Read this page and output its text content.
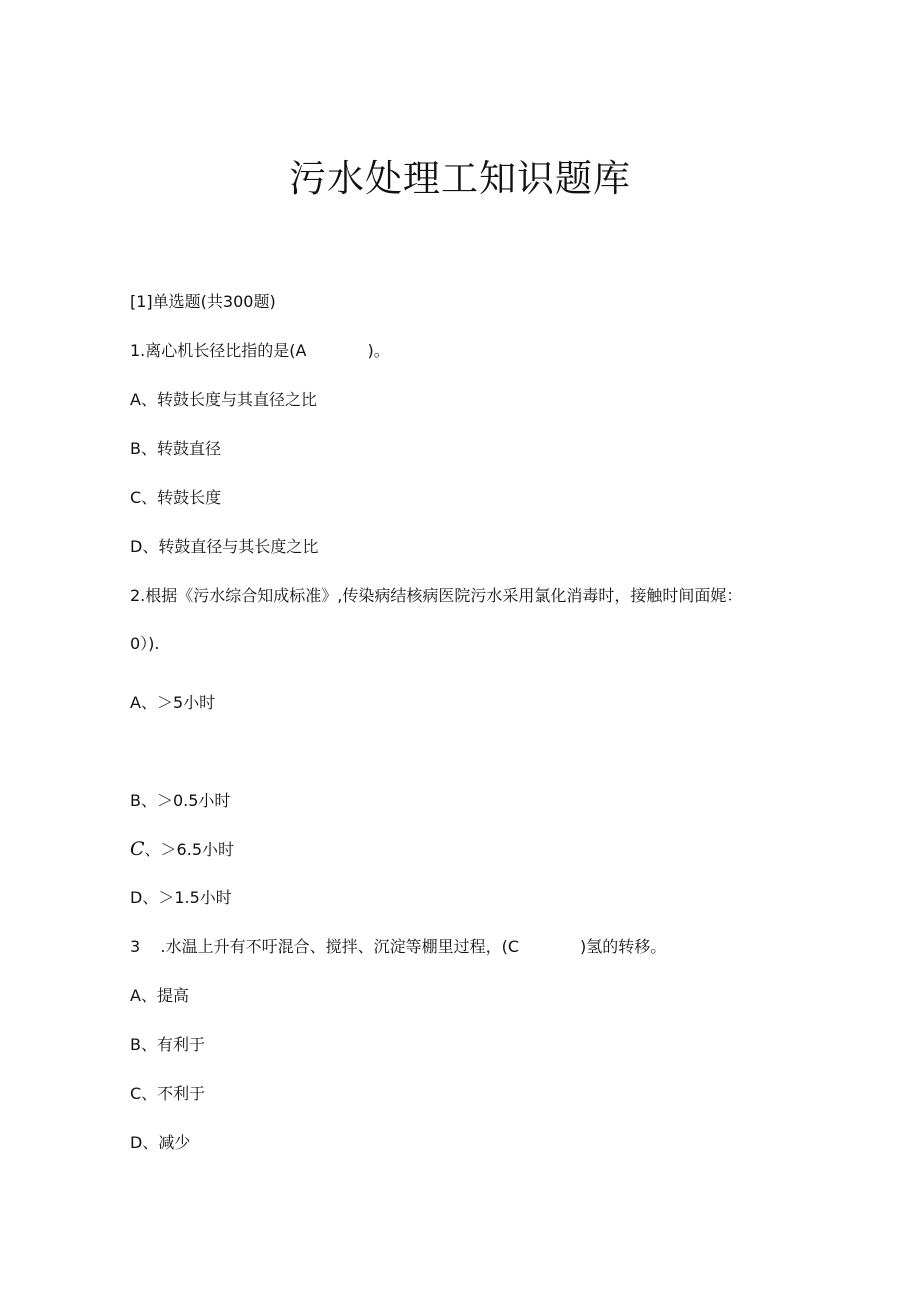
污水处理工知识题库
[1]单选题(共300题)
1.离心机长径比指的是(A            )。
A、转鼓长度与其直径之比
B、转鼓直径
C、转鼓长度
D、转鼓直径与其长度之比
2.根据《污水综合知成标准》,传染病结核病医院污水采用氯化消毒时，接触时间面娓：
0）).
A、＞5小时
B、＞0.5小时
C、＞6.5小时
D、＞1.5小时
3    .水温上升有不吁混合、搅拌、沉淀等棚里过程，(C            )氢的转移。
A、提高
B、有利于
C、不利于
D、减少
